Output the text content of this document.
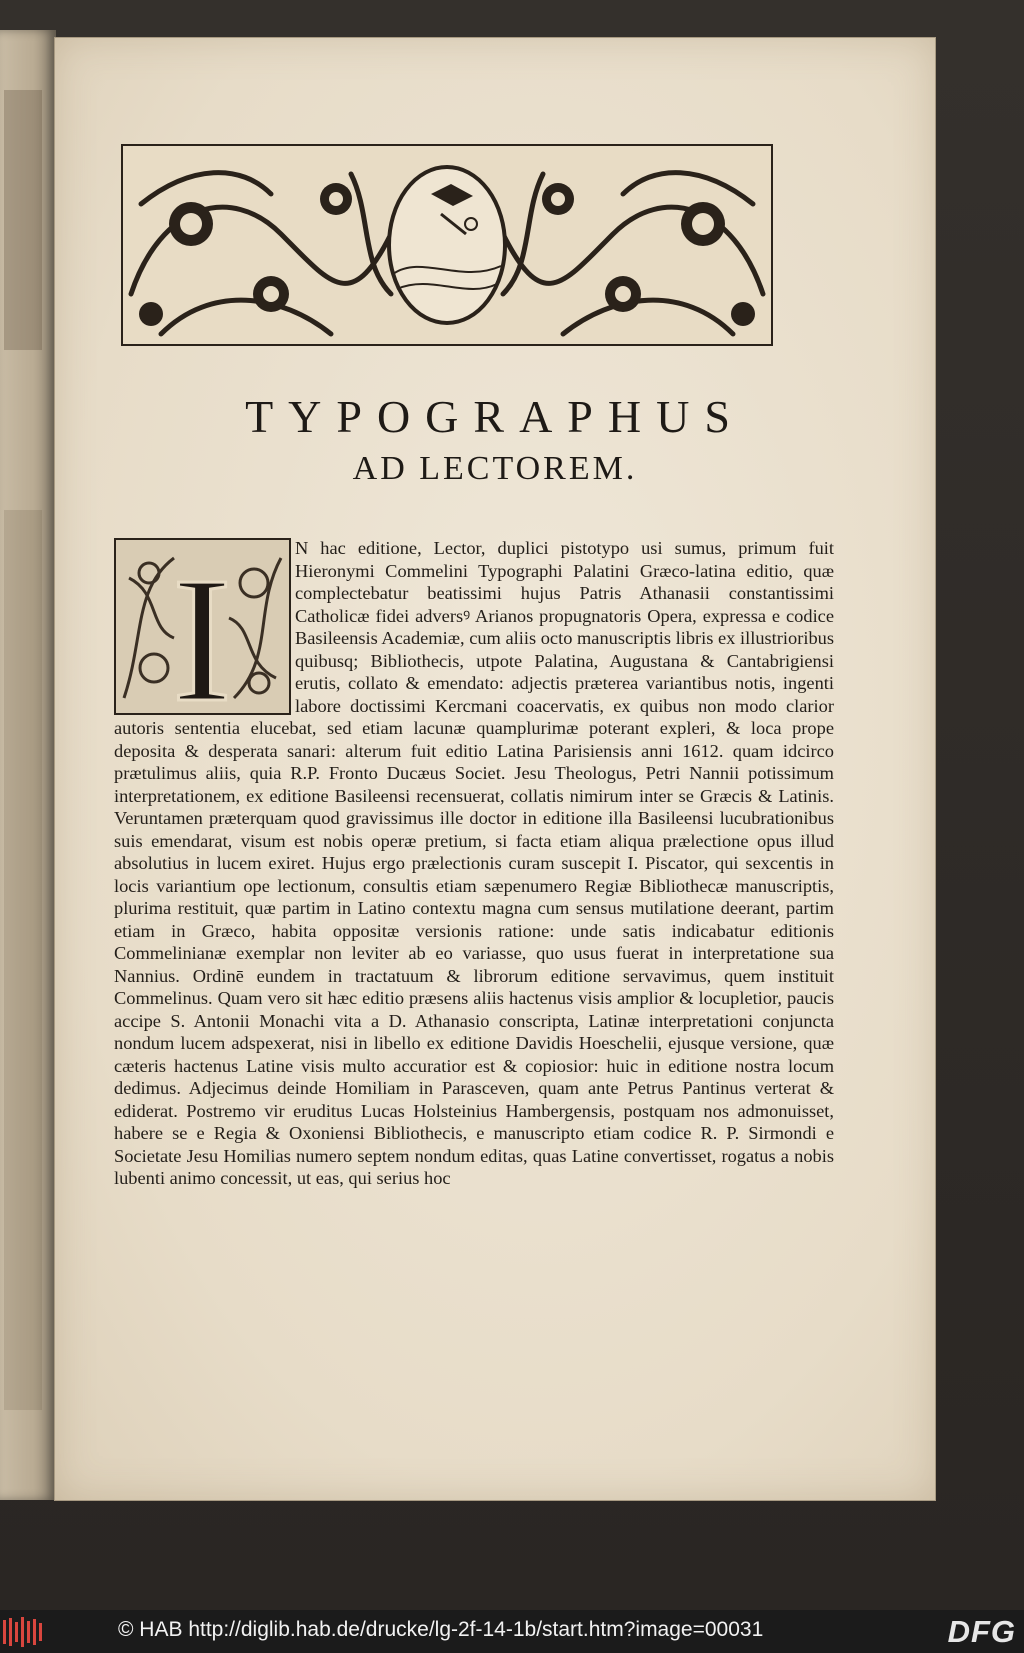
TYPOGRAPHUS
AD LECTOREM.
I	N hac editione, Lector, duplici pistotypo usi sumus, primum fuit Hieronymi Commelini Typographi Palatini Græco-latina editio, quæ complectebatur beatissimi hujus Patris Athanasii constantissimi Catholicæ fidei adversꝰ Arianos propugnatoris Opera, expressa e codice Basileensis Academiæ, cum aliis octo manuscriptis libris ex illustrioribus quibusq; Bibliothecis, utpote Palatina, Augustana & Cantabrigiensi erutis, collato & emendato: adjectis præterea variantibus notis, ingenti labore doctissimi Kercmani coacervatis, ex quibus non modo clarior autoris sententia elucebat, sed etiam lacunæ quamplurimæ poterant expleri, & loca prope deposita & desperata sanari: alterum fuit editio Latina Parisiensis anni 1612. quam idcirco prætulimus aliis, quia R.P. Fronto Ducæus Societ. Jesu Theologus, Petri Nannii potissimum interpretationem, ex editione Basileensi recensuerat, collatis nimirum inter se Græcis & Latinis. Veruntamen præterquam quod gravissimus ille doctor in editione illa Basileensi lucubrationibus suis emendarat, visum est nobis operæ pretium, si facta etiam aliqua prælectione opus illud absolutius in lucem exiret. Hujus ergo prælectionis curam suscepit I. Piscator, qui sexcentis in locis variantium ope lectionum, consultis etiam sæpenumero Regiæ Bibliothecæ manuscriptis, plurima restituit, quæ partim in Latino contextu magna cum sensus mutilatione deerant, partim etiam in Græco, habita oppositæ versionis ratione: unde satis indicabatur editionis Commelinianæ exemplar non leviter ab eo variasse, quo usus fuerat in interpretatione sua Nannius. Ordinē eundem in tractatuum & librorum editione servavimus, quem instituit Commelinus. Quam vero sit hæc editio præsens aliis hactenus visis amplior & locupletior, paucis accipe S. Antonii Monachi vita a D. Athanasio conscripta, Latinæ interpretationi conjuncta nondum lucem adspexerat, nisi in libello ex editione Davidis Hoeschelii, ejusque versione, quæ cæteris hactenus Latine visis multo accuratior est & copiosior: huic in editione nostra locum dedimus. Adjecimus deinde Homiliam in Parasceven, quam ante Petrus Pantinus verterat & ediderat. Postremo vir eruditus Lucas Holsteinius Hambergensis, postquam nos admonuisset, habere se e Regia & Oxoniensi Bibliothecis, e manuscripto etiam codice R. P. Sirmondi e Societate Jesu Homilias numero septem nondum editas, quas Latine convertisset, rogatus a nobis lubenti animo concessit, ut eas, qui serius hoc

© HAB http://diglib.hab.de/drucke/lg-2f-14-1b/start.htm?image=00031	DFG
